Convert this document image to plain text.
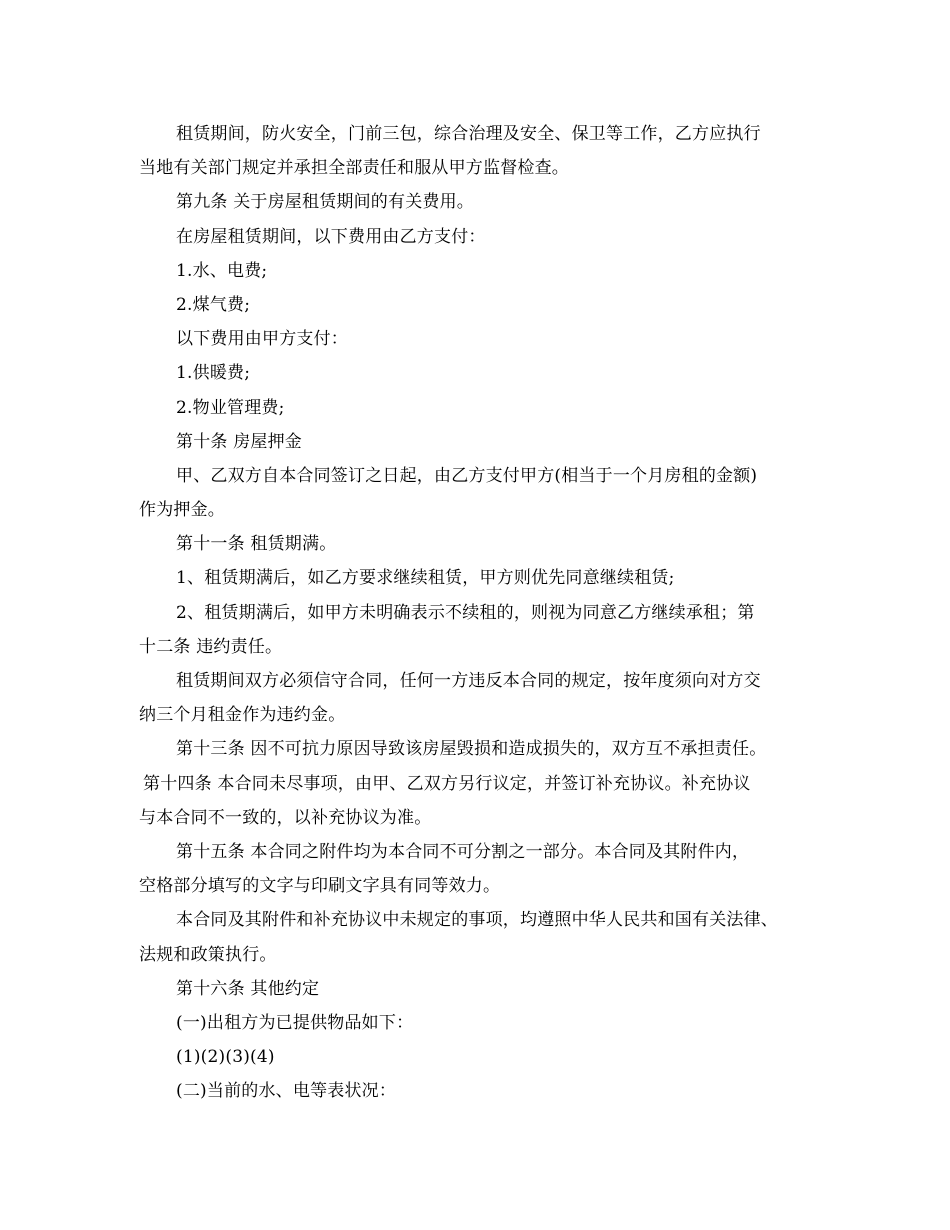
租赁期间，防火安全，门前三包，综合治理及安全、保卫等工作，乙方应执行
当地有关部门规定并承担全部责任和服从甲方监督检查。
第九条 关于房屋租赁期间的有关费用。
在房屋租赁期间，以下费用由乙方支付：
1.水、电费;
2.煤气费;
以下费用由甲方支付：
1.供暖费;
2.物业管理费;
第十条 房屋押金
甲、乙双方自本合同签订之日起，由乙方支付甲方(相当于一个月房租的金额)
作为押金。
第十一条 租赁期满。
1、租赁期满后，如乙方要求继续租赁，甲方则优先同意继续租赁;
2、租赁期满后，如甲方未明确表示不续租的，则视为同意乙方继续承租；第
十二条 违约责任。
租赁期间双方必须信守合同，任何一方违反本合同的规定，按年度须向对方交
纳三个月租金作为违约金。
第十三条 因不可抗力原因导致该房屋毁损和造成损失的，双方互不承担责任。
第十四条 本合同未尽事项，由甲、乙双方另行议定，并签订补充协议。补充协议
与本合同不一致的，以补充协议为准。
第十五条 本合同之附件均为本合同不可分割之一部分。本合同及其附件内，
空格部分填写的文字与印刷文字具有同等效力。
本合同及其附件和补充协议中未规定的事项，均遵照中华人民共和国有关法律、
法规和政策执行。
第十六条 其他约定
(一)出租方为已提供物品如下：
(1)(2)(3)(4)
(二)当前的水、电等表状况：
